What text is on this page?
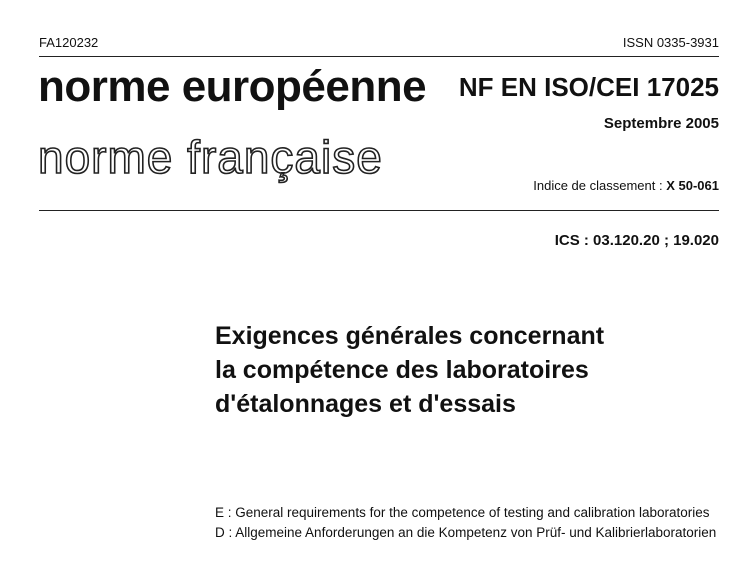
FA120232	ISSN 0335-3931
norme européenne
norme française
NF EN ISO/CEI 17025
Septembre 2005
Indice de classement : X 50-061
ICS : 03.120.20 ; 19.020
Exigences générales concernant
la compétence des laboratoires
d'étalonnages et d'essais
E : General requirements for the competence of testing and calibration laboratories
D : Allgemeine Anforderungen an die Kompetenz von Prüf- und Kalibrierlaboratorien
